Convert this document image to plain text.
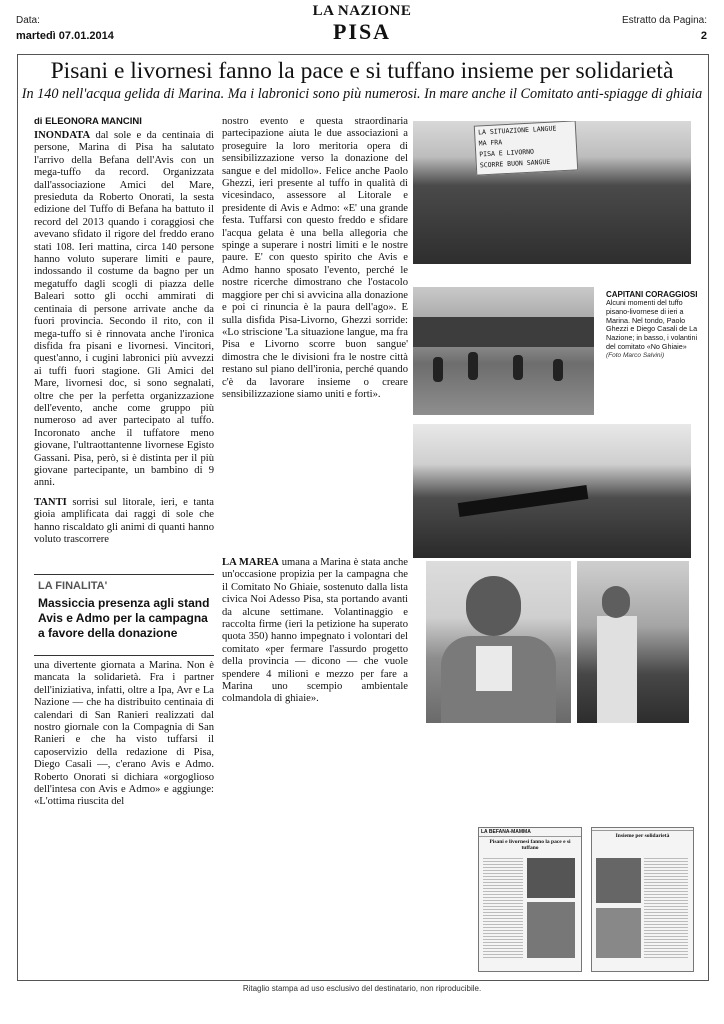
Data:
martedì 07.01.2014
LA NAZIONE
PISA	Estratto da Pagina:
2
Pisani e livornesi fanno la pace e si tuffano insieme per solidarietà
In 140 nell'acqua gelida di Marina. Ma i labronici sono più numerosi. In mare anche il Comitato anti-spiagge di ghiaia
di ELEONORA MANCINI

INONDATA dal sole e da centinaia di persone, Marina di Pisa ha salutato l'arrivo della Befana dell'Avis con un mega-tuffo da record. Organizzata dall'associazione Amici del Mare, presieduta da Roberto Onorati, la sesta edizione del Tuffo di Befana ha battuto il record del 2013 quando i coraggiosi che avevano sfidato il rigore del freddo erano stati 108. Ieri mattina, circa 140 persone hanno voluto superare limiti e paure, indossando il costume da bagno per un megatuffo dagli scogli di piazza delle Baleari sotto gli occhi ammirati di centinaia di persone arrivate anche da fuori provincia. Secondo il rito, con il mega-tuffo si è rinnovata anche l'ironica disfida fra pisani e livornesi. Vincitori, quest'anno, i cugini labronici più avvezzi ai tuffi fuori stagione. Gli Amici del Mare, livornesi doc, si sono segnalati, oltre che per la perfetta organizzazione dell'evento, anche come gruppo più numeroso ad aver partecipato al tuffo. Incoronato anche il tuffatore meno giovane, l'ultraottantenne livornese Egisto Gassani. Pisa, però, si è distinta per il più giovane partecipante, un bambino di 9 anni.

TANTI sorrisi sul litorale, ieri, e tanta gioia amplificata dai raggi di sole che hanno riscaldato gli animi di quanti hanno voluto trascorrere

LA FINALITA'
Massiccia presenza agli stand Avis e Admo per la campagna a favore della donazione

una divertente giornata a Marina. Non è mancata la solidarietà. Fra i partner dell'iniziativa, infatti, oltre a Ipa, Avr e La Nazione — che ha distribuito centinaia di calendari di San Ranieri realizzati dal nostro giornale con la Compagnia di San Ranieri e che ha visto tuffarsi il caposervizio della redazione di Pisa, Diego Casali —, c'erano Avis e Admo. Roberto Onorati si dichiara «orgoglioso dell'intesa con Avis e Admo» e aggiunge: «L'ottima riuscita del

nostro evento e questa straordinaria partecipazione aiuta le due associazioni a proseguire la loro meritoria opera di sensibilizzazione verso la donazione del sangue e del midollo». Felice anche Paolo Ghezzi, ieri presente al tuffo in qualità di vicesindaco, assessore al Litorale e presidente di Avis e Admo: «E' una grande festa. Tuffarsi con questo freddo e sfidare l'acqua gelata è una bella allegoria che spinge a superare i nostri limiti e le nostre paure. E' con questo spirito che Avis e Admo hanno sposato l'evento, perché le nostre ricerche dimostrano che l'ostacolo maggiore per chi si avvicina alla donazione e poi ci rinuncia è la paura dell'ago». E sulla disfida Pisa-Livorno, Ghezzi sorride: «Lo striscione 'La situazione langue, ma fra Pisa e Livorno scorre buon sangue' dimostra che le divisioni fra le nostre città restano sul piano dell'ironia, perché quando c'è da lavorare insieme o creare sensibilizzazione siamo uniti e forti».

LA MAREA umana a Marina è stata anche un'occasione propizia per la campagna che il Comitato No Ghiaie, sostenuto dalla lista civica Noi Adesso Pisa, sta portando avanti da alcune settimane. Volantinaggio e raccolta firme (ieri la petizione ha superato quota 350) hanno impegnato i volontari del comitato «per fermare l'assurdo progetto della provincia — dicono — che vuole spendere 4 milioni e mezzo per fare a Marina uno scempio ambientale colmandola di ghiaie».

LA SITUAZIONE LANGUE
MA FRA
PISA E LIVORNO
SCORRE BUON SANGUE
CAPITANI CORAGGIOSI
Alcuni momenti del tuffo pisano-livornese di ieri a Marina. Nel tondo, Paolo Ghezzi e Diego Casali de La Nazione; in basso, i volantini del comitato «No Ghiaie»
(Foto Marco Salvini)
LA BEFANA-MAMMA
Pisani e livornesi fanno la pace e si tuffano
Insieme per solidarietà
Ritaglio stampa ad uso esclusivo del destinatario, non riproducibile.
